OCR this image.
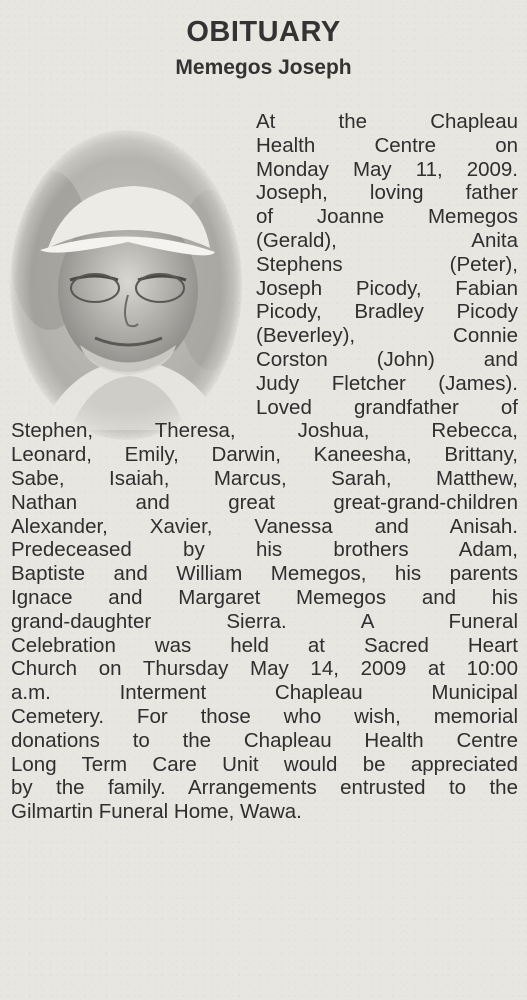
OBITUARY
Memegos Joseph
At the Chapleau
Health Centre on
Monday May 11, 2009.
Joseph, loving father
of Joanne Memegos
(Gerald), Anita
Stephens (Peter),
Joseph Picody, Fabian
Picody, Bradley Picody
(Beverley), Connie
Corston (John) and
Judy Fletcher (James).
Loved grandfather of
Stephen, Theresa, Joshua, Rebecca,
Leonard, Emily, Darwin, Kaneesha, Brittany,
Sabe, Isaiah, Marcus, Sarah, Matthew,
Nathan and great great-grand-children
Alexander, Xavier, Vanessa and Anisah.
Predeceased by his brothers Adam,
Baptiste and William Memegos, his parents
Ignace and Margaret Memegos and his
grand-daughter Sierra. A Funeral
Celebration was held at Sacred Heart
Church on Thursday May 14, 2009 at 10:00
a.m. Interment Chapleau Municipal
Cemetery. For those who wish, memorial
donations to the Chapleau Health Centre
Long Term Care Unit would be appreciated
by the family. Arrangements entrusted to the
Gilmartin Funeral Home, Wawa.
